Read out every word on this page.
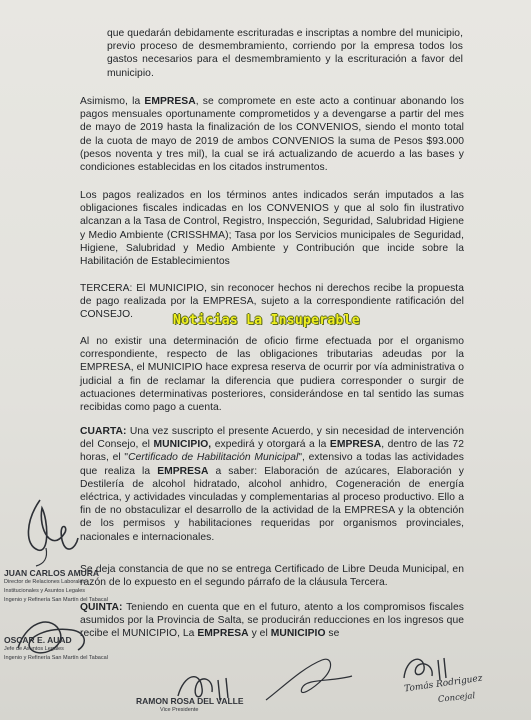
que quedarán debidamente escrituradas e inscriptas a nombre del municipio, previo proceso de desmembramiento, corriendo por la empresa todos los gastos necesarios para el desmembramiento y la escrituración a favor del municipio.

Asimismo, la EMPRESA, se compromete en este acto a continuar abonando los pagos mensuales oportunamente comprometidos y a devengarse a partir del mes de mayo de 2019 hasta la finalización de los CONVENIOS, siendo el monto total de la cuota de mayo de 2019 de ambos CONVENIOS la suma de Pesos $93.000 (pesos noventa y tres mil), la cual se irá actualizando de acuerdo a las bases y condiciones establecidas en los citados instrumentos.

Los pagos realizados en los términos antes indicados serán imputados a las obligaciones fiscales indicadas en los CONVENIOS y que al solo fin ilustrativo alcanzan a la Tasa de Control, Registro, Inspección, Seguridad, Salubridad Higiene y Medio Ambiente (CRISSHMA); Tasa por los Servicios municipales de Seguridad, Higiene, Salubridad y Medio Ambiente y Contribución que incide sobre la Habilitación de Establecimientos

TERCERA: El MUNICIPIO, sin reconocer hechos ni derechos recibe la propuesta de pago realizada por la EMPRESA, sujeto a la correspondiente ratificación del CONSEJO.

Al no existir una determinación de oficio firme efectuada por el organismo correspondiente, respecto de las obligaciones tributarias adeudas por la EMPRESA, el MUNICIPIO hace expresa reserva de ocurrir por vía administrativa o judicial a fin de reclamar la diferencia que pudiera corresponder o surgir de actuaciones determinativas posteriores, considerándose en tal sentido las sumas recibidas como pago a cuenta.

CUARTA: Una vez suscripto el presente Acuerdo, y sin necesidad de intervención del Consejo, el MUNICIPIO, expedirá y otorgará a la EMPRESA, dentro de las 72 horas, el "Certificado de Habilitación Municipal", extensivo a todas las actividades que realiza la EMPRESA a saber: Elaboración de azúcares, Elaboración y Destilería de alcohol hidratado, alcohol anhidro, Cogeneración de energía eléctrica, y actividades vinculadas y complementarias al proceso productivo. Ello a fin de no obstaculizar el desarrollo de la actividad de la EMPRESA y la obtención de los permisos y habilitaciones requeridas por organismos provinciales, nacionales e internacionales.

Se deja constancia de que no se entrega Certificado de Libre Deuda Municipal, en razón de lo expuesto en el segundo párrafo de la cláusula Tercera.

QUINTA: Teniendo en cuenta que en el futuro, atento a los compromisos fiscales asumidos por la Provincia de Salta, se producirán reducciones en los ingresos que recibe el MUNICIPIO, La EMPRESA y el MUNICIPIO se

Noticias La Insuperable
JUAN CARLOS AMURA
Director de Relaciones Laborales
Institucionales y Asuntos Legales
Ingenio y Refinería San Martín del Tabacal
OSCAR E. AUAD
Jefe de Asuntos Legales
Ingenio y Refinería San Martín del Tabacal
RAMON ROSA DEL VALLE
Vice Presidente
Tomás Rodriguez
Concejal
